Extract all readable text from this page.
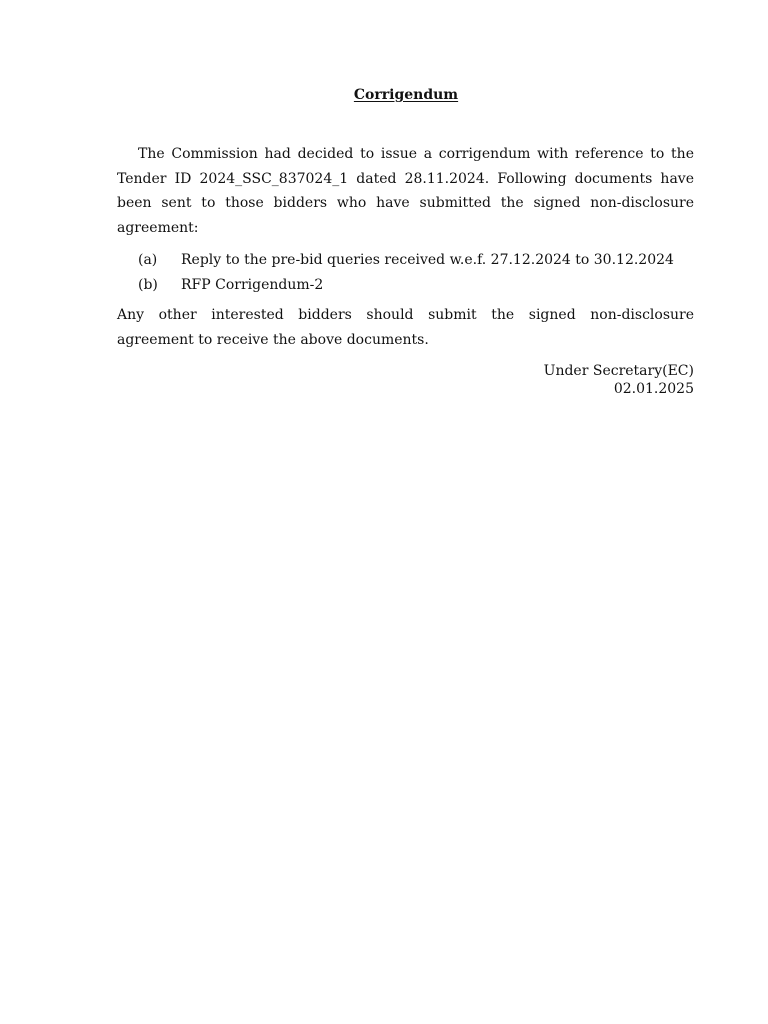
Corrigendum

The Commission had decided to issue a corrigendum with reference to the Tender ID 2024_SSC_837024_1 dated 28.11.2024. Following documents have been sent to those bidders who have submitted the signed non-disclosure agreement:

(a)	Reply to the pre-bid queries received w.e.f. 27.12.2024 to 30.12.2024
(b)	RFP Corrigendum-2

Any other interested bidders should submit the signed non-disclosure agreement to receive the above documents.

Under Secretary(EC)
02.01.2025
